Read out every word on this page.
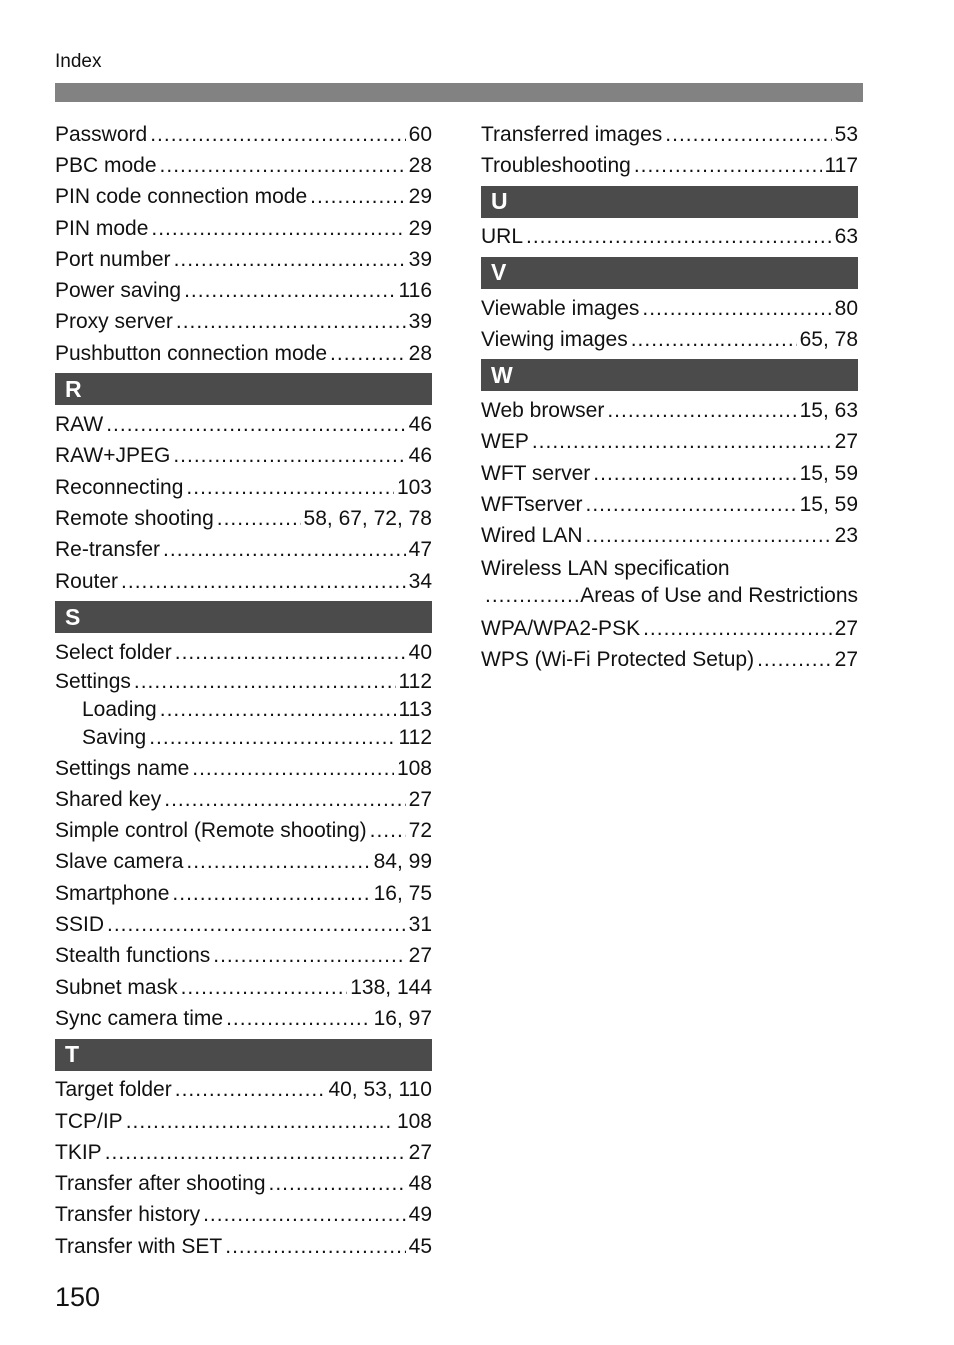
Index
Password .....	60
PBC mode .....	28
PIN code connection mode .....	29
PIN mode .....	29
Port number .....	39
Power saving .....	116
Proxy server .....	39
Pushbutton connection mode .....	28
R
RAW .....	46
RAW+JPEG .....	46
Reconnecting .....	103
Remote shooting .....	58, 67, 72, 78
Re-transfer .....	47
Router .....	34
S
Select folder .....	40
Settings .....	112
Loading .....	113
Saving .....	112
Settings name .....	108
Shared key .....	27
Simple control (Remote shooting) ..... 72
Slave camera .....	84, 99
Smartphone .....	16, 75
SSID .....	31
Stealth functions .....	27
Subnet mask .....	138, 144
Sync camera time .....	16, 97
T
Target folder .....	40, 53, 110
TCP/IP .....	108
TKIP .....	27
Transfer after shooting .....	48
Transfer history .....	49
Transfer with SET .....	45
Transferred images .....	53
Troubleshooting .....	117
U
URL .....	63
V
Viewable images .....	80
Viewing images .....	65, 78
W
Web browser .....	15, 63
WEP .....	27
WFT server .....	15, 59
WFTserver .....	15, 59
Wired LAN .....	23
Wireless LAN specification
.....
Areas of Use and Restrictions
WPA/WPA2-PSK .....	27
WPS (Wi-Fi Protected Setup) .....	27
150
